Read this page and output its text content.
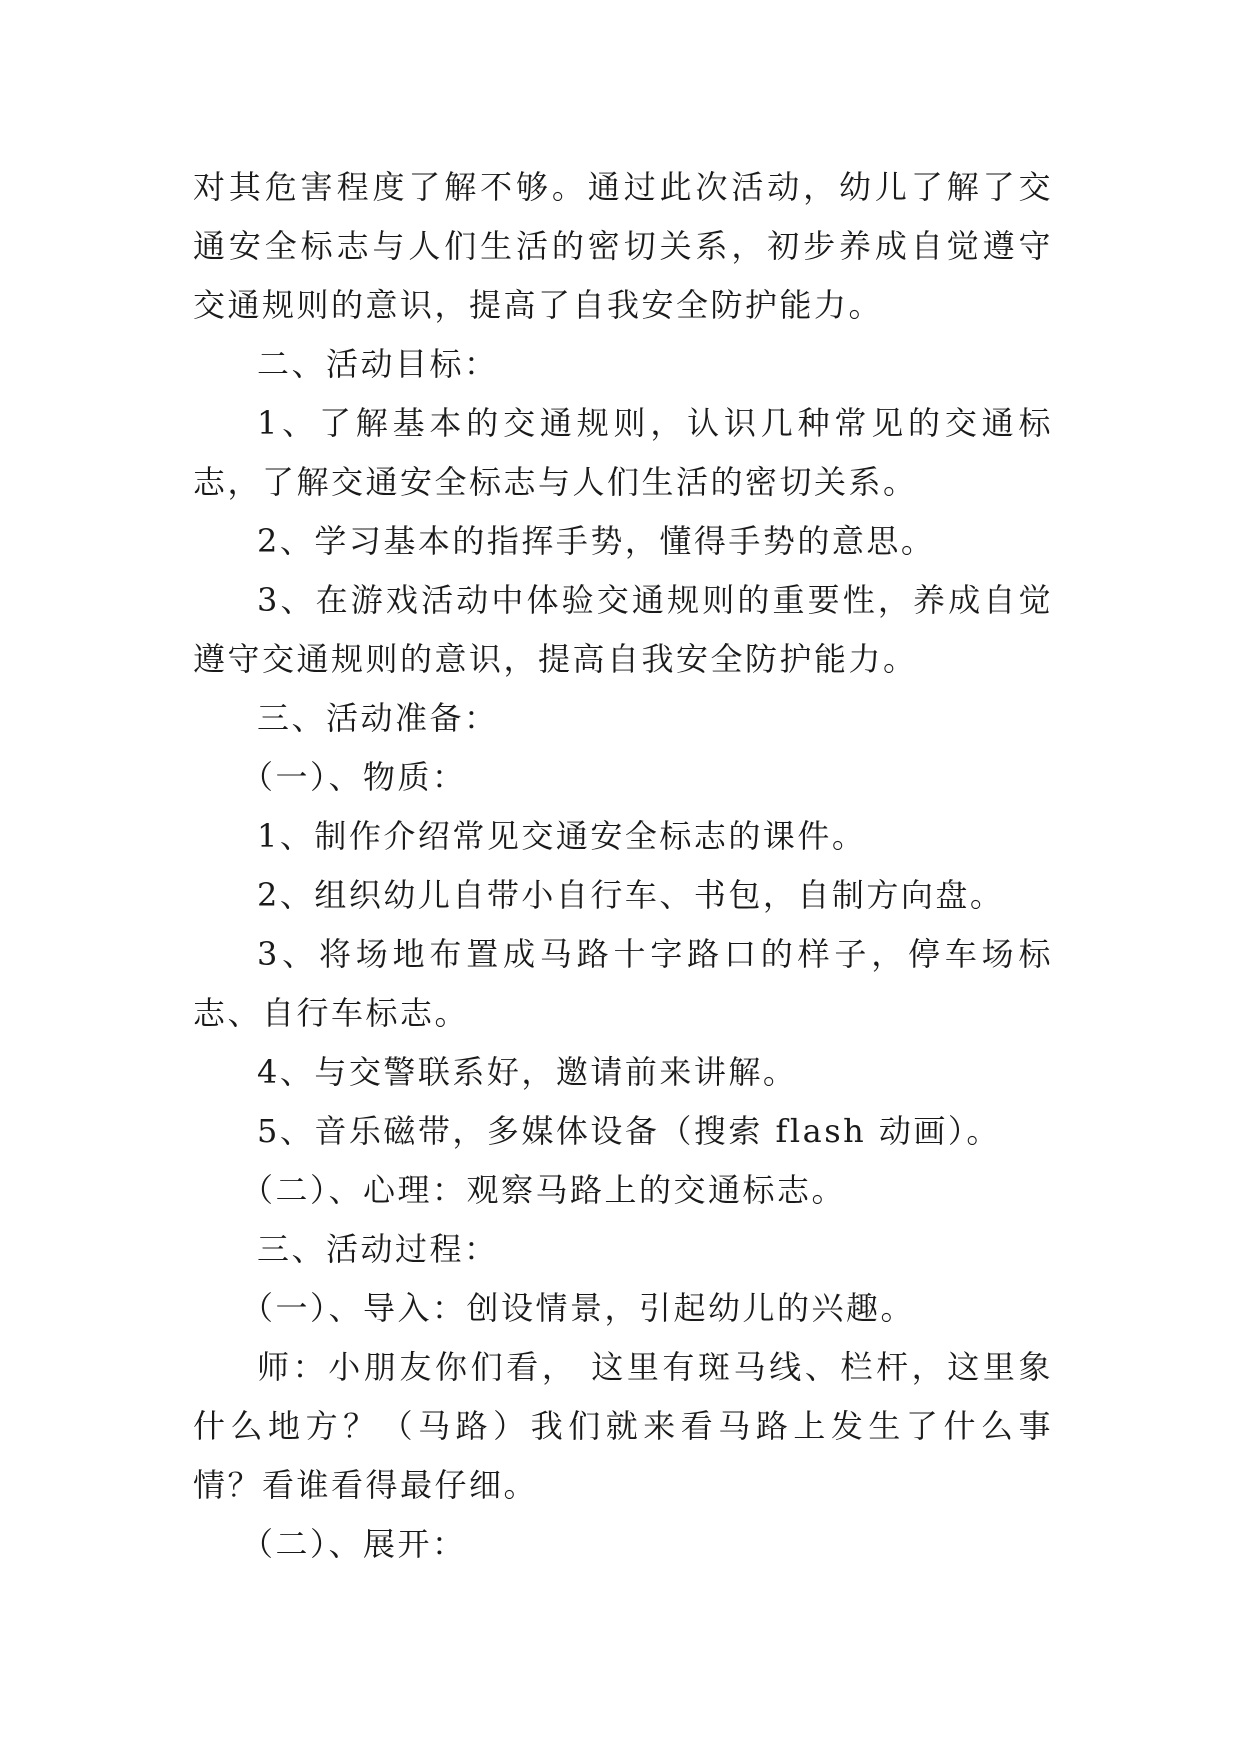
对其危害程度了解不够。通过此次活动，幼儿了解了交通安全标志与人们生活的密切关系，初步养成自觉遵守交通规则的意识，提高了自我安全防护能力。

二、活动目标：

1、了解基本的交通规则，认识几种常见的交通标志，了解交通安全标志与人们生活的密切关系。

2、学习基本的指挥手势，懂得手势的意思。

3、在游戏活动中体验交通规则的重要性，养成自觉遵守交通规则的意识，提高自我安全防护能力。

三、活动准备：

（一）、物质：

1、制作介绍常见交通安全标志的课件。

2、组织幼儿自带小自行车、书包，自制方向盘。

3、将场地布置成马路十字路口的样子，停车场标志、自行车标志。

4、与交警联系好，邀请前来讲解。

5、音乐磁带，多媒体设备（搜索 flash 动画）。

（二）、心理：观察马路上的交通标志。

三、活动过程：

（一）、导入：创设情景，引起幼儿的兴趣。

师：小朋友你们看， 这里有斑马线、栏杆，这里象什么地方？（马路）我们就来看马路上发生了什么事情？看谁看得最仔细。

（二）、展开：
